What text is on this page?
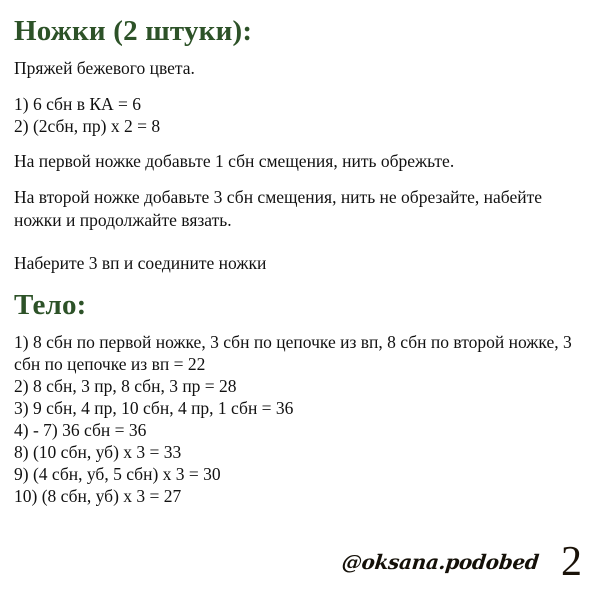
Ножки (2 штуки):

Пряжей бежевого цвета.

1) 6 сбн в КА = 6
2) (2сбн, пр) х 2 = 8

На первой ножке добавьте 1 сбн смещения, нить обрежьте.

На второй ножке добавьте 3 сбн смещения, нить не обрезайте, набейте ножки и продолжайте вязать.

Наберите 3 вп и соедините ножки

Тело:
1) 8 сбн по первой ножке, 3 сбн по цепочке из вп, 8 сбн по второй ножке, 3 сбн по цепочке из вп = 22
2) 8 сбн, 3 пр, 8 сбн, 3 пр = 28
3) 9 сбн, 4 пр, 10 сбн, 4 пр, 1 сбн = 36
4) - 7) 36 сбн = 36
8) (10 сбн, уб) х 3 = 33
9) (4 сбн, уб, 5 сбн) х 3 = 30
10) (8 сбн, уб) х 3 = 27
@oksana.podobed 2
